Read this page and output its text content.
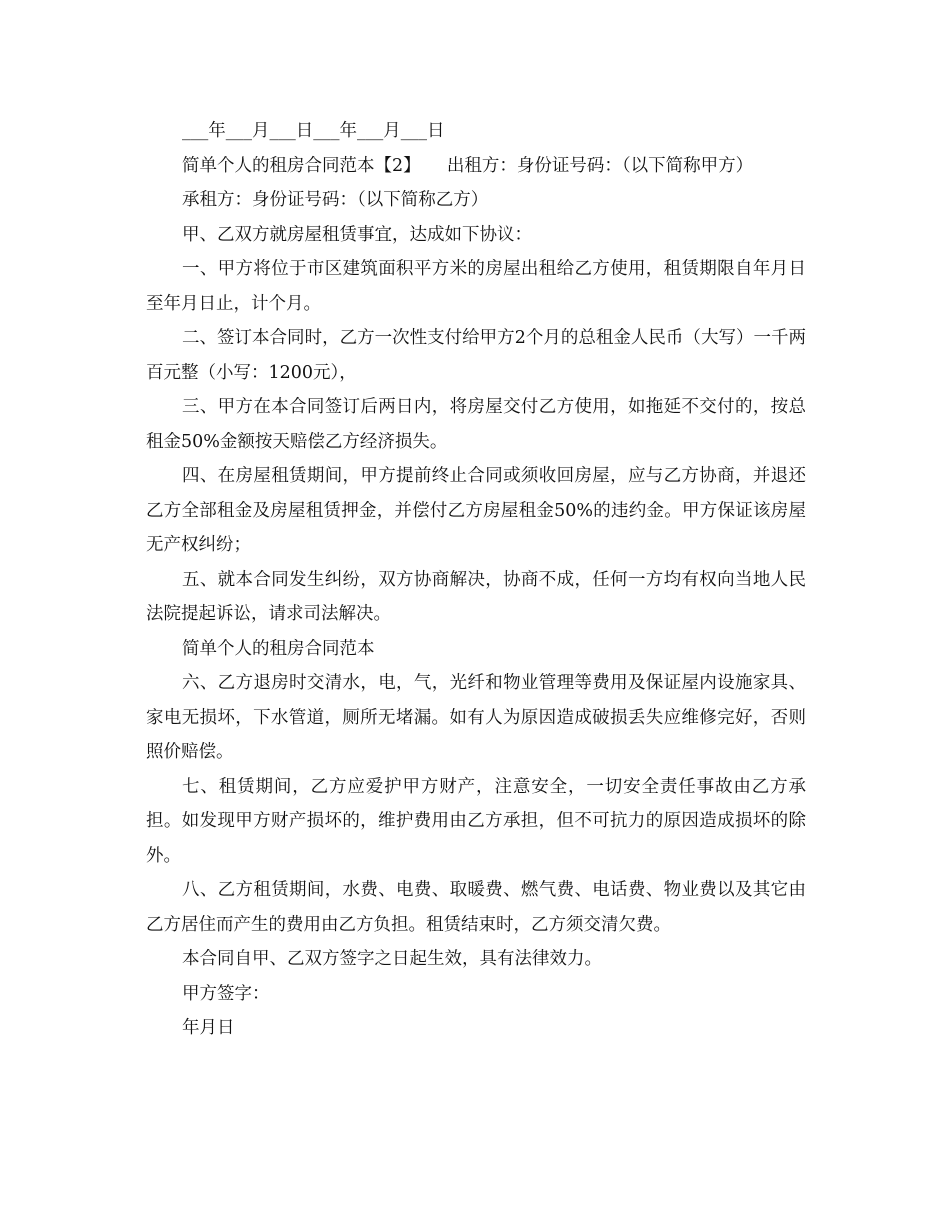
___年___月___日___年___月___日

简单个人的租房合同范本【2】　　出租方：身份证号码：（以下简称甲方）

承租方：身份证号码：（以下简称乙方）

甲、乙双方就房屋租赁事宜，达成如下协议：

一、甲方将位于市区建筑面积平方米的房屋出租给乙方使用，租赁期限自年月日至年月日止，计个月。

二、签订本合同时，乙方一次性支付给甲方2个月的总租金人民币（大写）一千两百元整（小写：1200元），

三、甲方在本合同签订后两日内，将房屋交付乙方使用，如拖延不交付的，按总租金50%金额按天赔偿乙方经济损失。

四、在房屋租赁期间，甲方提前终止合同或须收回房屋，应与乙方协商，并退还乙方全部租金及房屋租赁押金，并偿付乙方房屋租金50%的违约金。甲方保证该房屋无产权纠纷；

五、就本合同发生纠纷，双方协商解决，协商不成，任何一方均有权向当地人民法院提起诉讼，请求司法解决。

简单个人的租房合同范本

六、乙方退房时交清水，电，气，光纤和物业管理等费用及保证屋内设施家具、家电无损坏，下水管道，厕所无堵漏。如有人为原因造成破损丢失应维修完好，否则照价赔偿。

七、租赁期间，乙方应爱护甲方财产，注意安全，一切安全责任事故由乙方承担。如发现甲方财产损坏的，维护费用由乙方承担，但不可抗力的原因造成损坏的除外。

八、乙方租赁期间，水费、电费、取暖费、燃气费、电话费、物业费以及其它由乙方居住而产生的费用由乙方负担。租赁结束时，乙方须交清欠费。

本合同自甲、乙双方签字之日起生效，具有法律效力。

甲方签字：

年月日
